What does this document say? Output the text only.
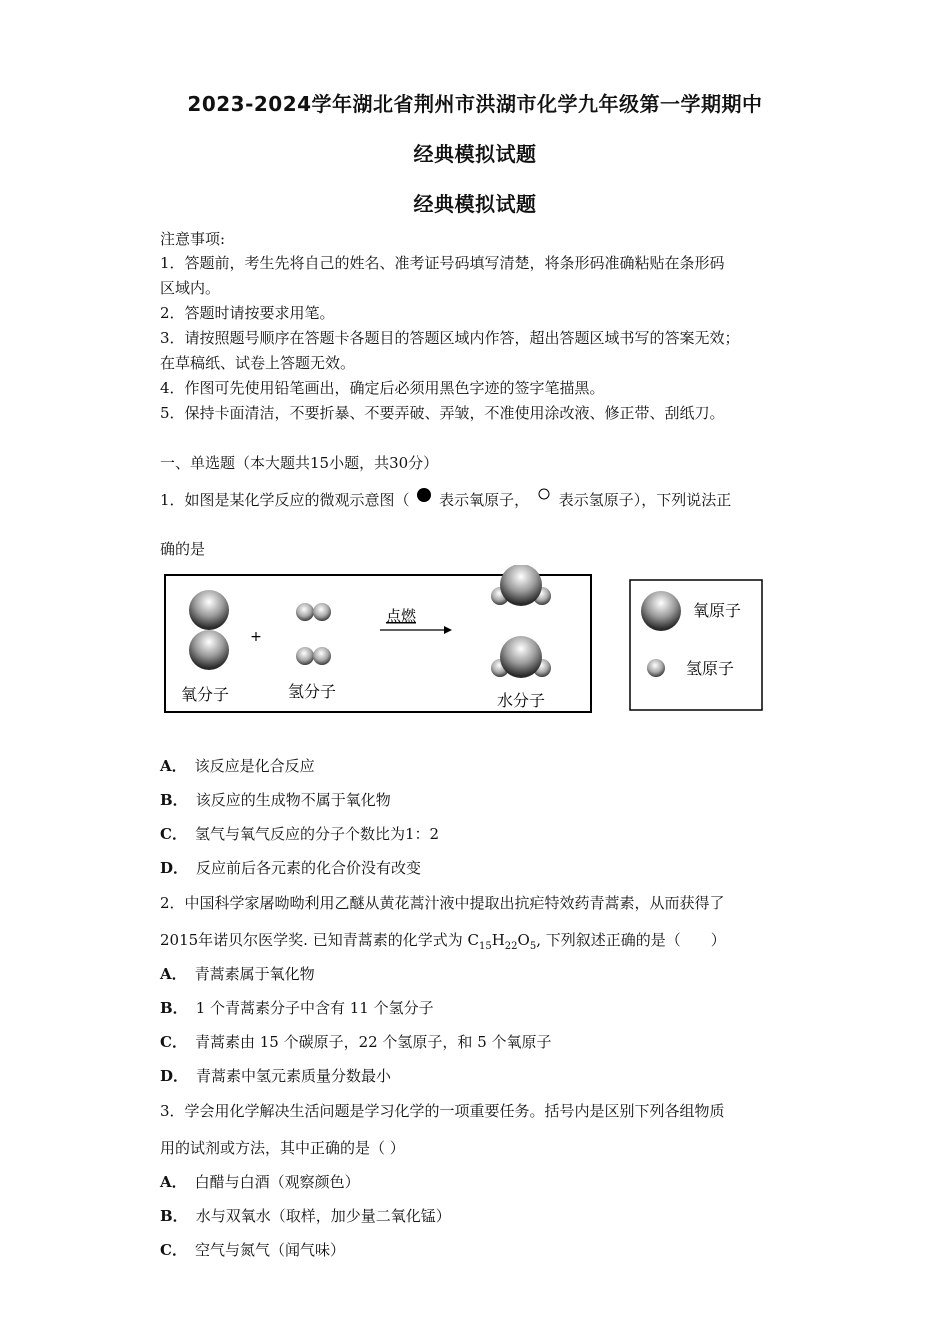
2023-2024学年湖北省荆州市洪湖市化学九年级第一学期期中
经典模拟试题
经典模拟试题
注意事项:
1．答题前，考生先将自己的姓名、准考证号码填写清楚，将条形码准确粘贴在条形码
区域内。
2．答题时请按要求用笔。
3．请按照题号顺序在答题卡各题目的答题区域内作答，超出答题区域书写的答案无效；
在草稿纸、试卷上答题无效。
4．作图可先使用铅笔画出，确定后必须用黑色字迹的签字笔描黑。
5．保持卡面清洁，不要折暴、不要弄破、弄皱，不准使用涂改液、修正带、刮纸刀。
一、单选题（本大题共15小题，共30分）
1．如图是某化学反应的微观示意图（ 表示氧原子， 表示氢原子），下列说法正
确的是
氧分子
+
氢分子
点燃
水分子
氧原子
氢原子
A． 该反应是化合反应
B． 该反应的生成物不属于氧化物
C． 氢气与氧气反应的分子个数比为1：2
D． 反应前后各元素的化合价没有改变
2．中国科学家屠呦呦利用乙醚从黄花蒿汁液中提取出抗疟特效药青蒿素，从而获得了
2015年诺贝尔医学奖. 已知青蒿素的化学式为 $C_{15}H_{22}O_5$, 下列叙述正确的是（　　）
A． 青蒿素属于氧化物
B． 1 个青蒿素分子中含有 11 个氢分子
C． 青蒿素由 15 个碳原子，22 个氢原子，和 5 个氧原子
D． 青蒿素中氢元素质量分数最小
3．学会用化学解决生活问题是学习化学的一项重要任务。括号内是区别下列各组物质
用的试剂或方法，其中正确的是（ ）
A． 白醋与白酒（观察颜色）
B． 水与双氧水（取样，加少量二氧化锰）
C． 空气与氮气（闻气味）
